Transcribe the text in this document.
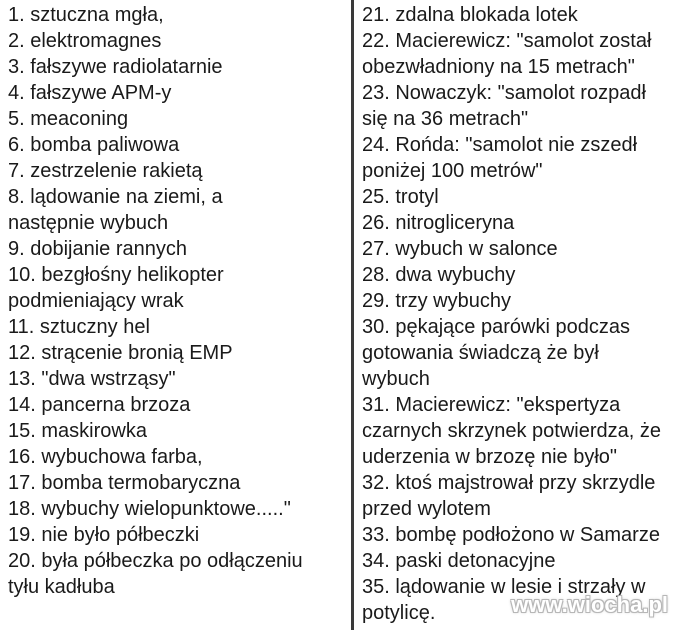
1. sztuczna mgła,
2. elektromagnes
3. fałszywe radiolatarnie
4. fałszywe APM-y
5. meaconing
6. bomba paliwowa
7. zestrzelenie rakietą
8. lądowanie na ziemi, a
następnie wybuch
9. dobijanie rannych
10. bezgłośny helikopter
podmieniający wrak
11. sztuczny hel
12. strącenie bronią EMP
13. "dwa wstrząsy"
14. pancerna brzoza
15. maskirowka
16. wybuchowa farba,
17. bomba termobaryczna
18. wybuchy wielopunktowe....."
19. nie było półbeczki
20. była półbeczka po odłączeniu
tyłu kadłuba
21. zdalna blokada lotek
22. Macierewicz: "samolot został
obezwładniony na 15 metrach"
23. Nowaczyk: "samolot rozpadł
się na 36 metrach"
24. Rońda: "samolot nie zszedł
poniżej 100 metrów"
25. trotyl
26. nitrogliceryna
27. wybuch w salonce
28. dwa wybuchy
29. trzy wybuchy
30. pękające parówki podczas
gotowania świadczą że był
wybuch
31. Macierewicz: "ekspertyza
czarnych skrzynek potwierdza, że
uderzenia w brzozę nie było"
32. ktoś majstrował przy skrzydle
przed wylotem
33. bombę podłożono w Samarze
34. paski detonacyjne
35. lądowanie w lesie i strzały w
potylicę.	www.wiocha.pl
